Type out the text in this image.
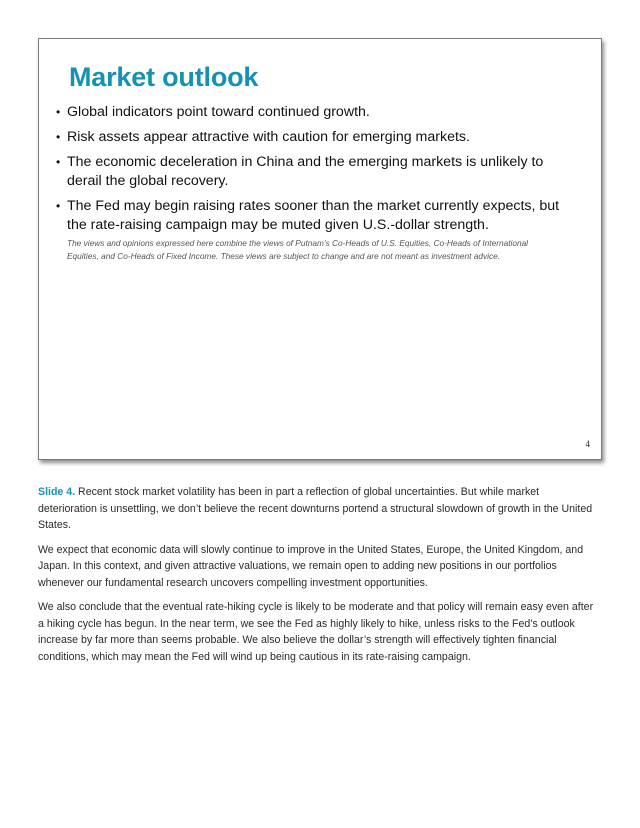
Market outlook
• Global indicators point toward continued growth.
• Risk assets appear attractive with caution for emerging markets.
• The economic deceleration in China and the emerging markets is unlikely to derail the global recovery.
• The Fed may begin raising rates sooner than the market currently expects, but the rate-raising campaign may be muted given U.S.-dollar strength.

The views and opinions expressed here combine the views of Putnam’s Co-Heads of U.S. Equities, Co-Heads of International Equities, and Co-Heads of Fixed Income. These views are subject to change and are not meant as investment advice.

4

Slide 4. Recent stock market volatility has been in part a reflection of global uncertainties. But while market deterioration is unsettling, we don’t believe the recent downturns portend a structural slowdown of growth in the United States.

We expect that economic data will slowly continue to improve in the United States, Europe, the United Kingdom, and Japan. In this context, and given attractive valuations, we remain open to adding new positions in our portfolios whenever our fundamental research uncovers compelling investment opportunities.

We also conclude that the eventual rate-hiking cycle is likely to be moderate and that policy will remain easy even after a hiking cycle has begun. In the near term, we see the Fed as highly likely to hike, unless risks to the Fed’s outlook increase by far more than seems probable. We also believe the dollar’s strength will effectively tighten financial conditions, which may mean the Fed will wind up being cautious in its rate-raising campaign.
